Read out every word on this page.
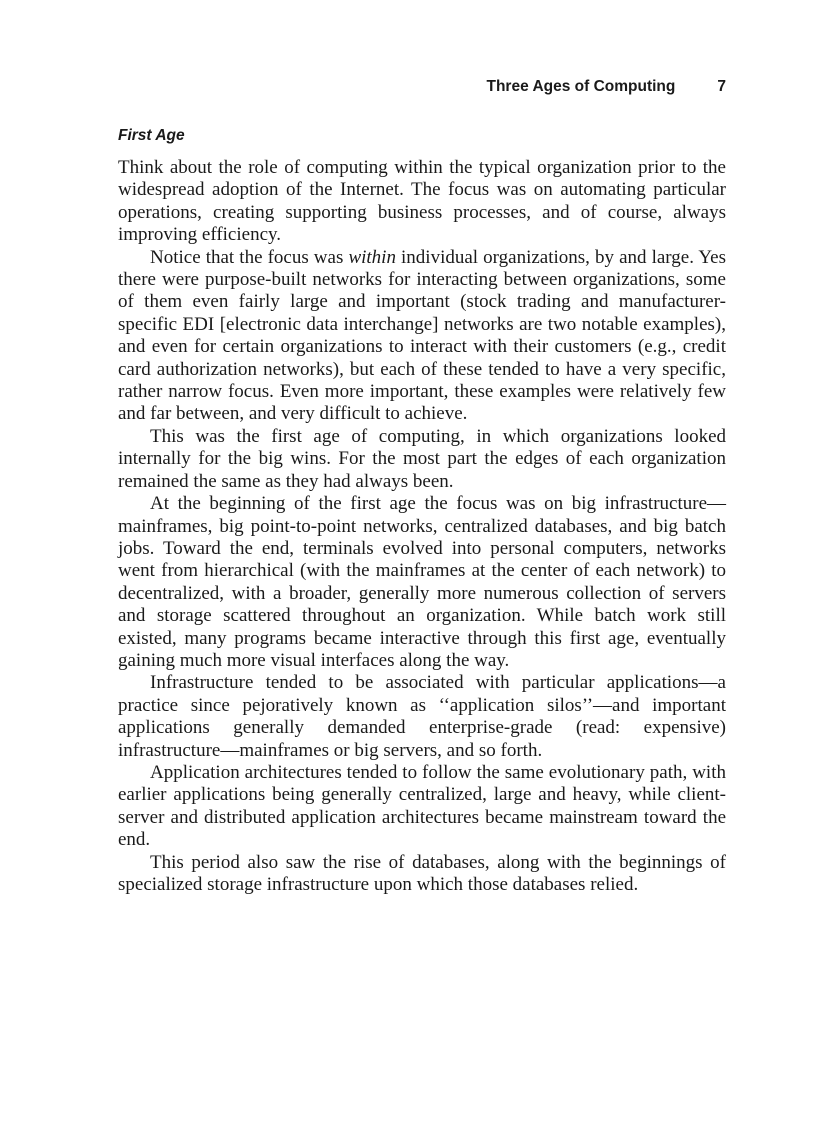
Three Ages of Computing	7
First Age

Think about the role of computing within the typical organization prior to the widespread adoption of the Internet. The focus was on automating particular operations, creating supporting business processes, and of course, always improving efficiency.

Notice that the focus was within individual organizations, by and large. Yes there were purpose-built networks for interacting between organizations, some of them even fairly large and important (stock trading and manufacturer-specific EDI [electronic data interchange] networks are two notable examples), and even for certain organizations to interact with their customers (e.g., credit card authorization networks), but each of these tended to have a very specific, rather narrow focus. Even more important, these examples were relatively few and far between, and very difficult to achieve.

This was the first age of computing, in which organizations looked internally for the big wins. For the most part the edges of each organization remained the same as they had always been.

At the beginning of the first age the focus was on big infrastructure—mainframes, big point-to-point networks, centralized databases, and big batch jobs. Toward the end, terminals evolved into personal computers, networks went from hierarchical (with the mainframes at the center of each network) to decentralized, with a broader, generally more numerous collection of servers and storage scattered throughout an organization. While batch work still existed, many programs became interactive through this first age, eventually gaining much more visual interfaces along the way.

Infrastructure tended to be associated with particular applications—a practice since pejoratively known as ‘‘application silos’’—and important applications generally demanded enterprise-grade (read: expensive) infrastructure—mainframes or big servers, and so forth.

Application architectures tended to follow the same evolutionary path, with earlier applications being generally centralized, large and heavy, while client-server and distributed application architectures became mainstream toward the end.

This period also saw the rise of databases, along with the beginnings of specialized storage infrastructure upon which those databases relied.
